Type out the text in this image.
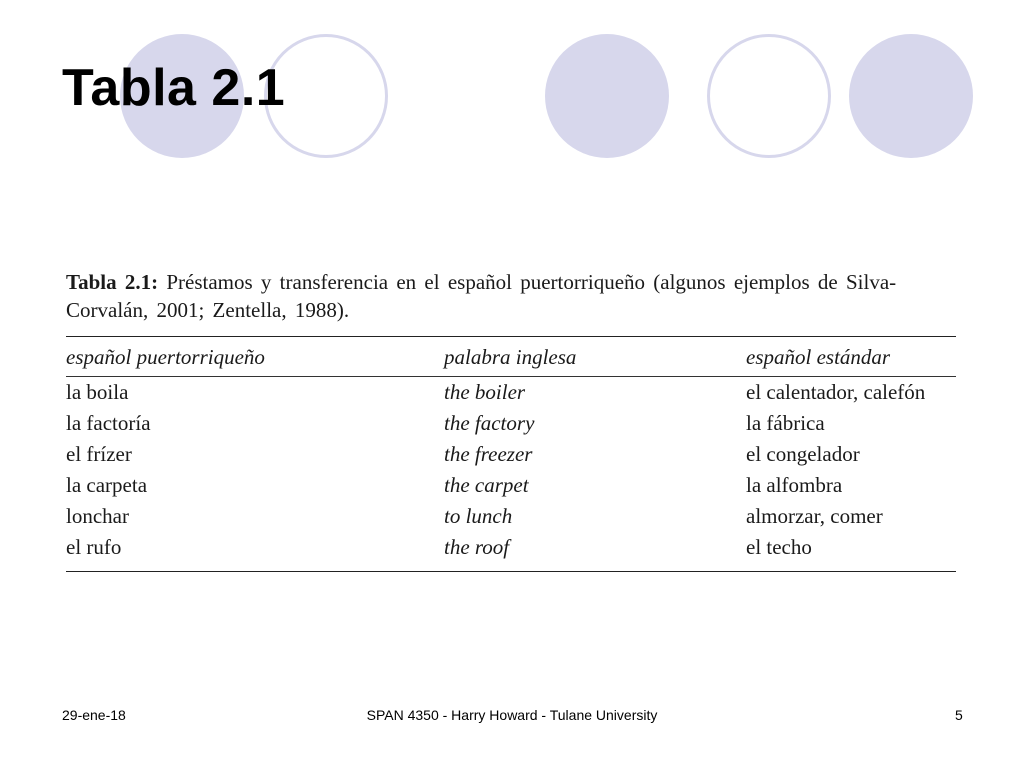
Tabla 2.1

Tabla 2.1: Préstamos y transferencia en el español puertorriqueño (algunos ejemplos de Silva-Corvalán, 2001; Zentella, 1988).

español puertorriqueño	palabra inglesa	español estándar

la boila	the boiler	el calentador, calefón
la factoría	the factory	la fábrica
el frízer	the freezer	el congelador
la carpeta	the carpet	la alfombra
lonchar	to lunch	almorzar, comer
el rufo	the roof	el techo
29-ene-18	SPAN 4350 - Harry Howard - Tulane University	5
